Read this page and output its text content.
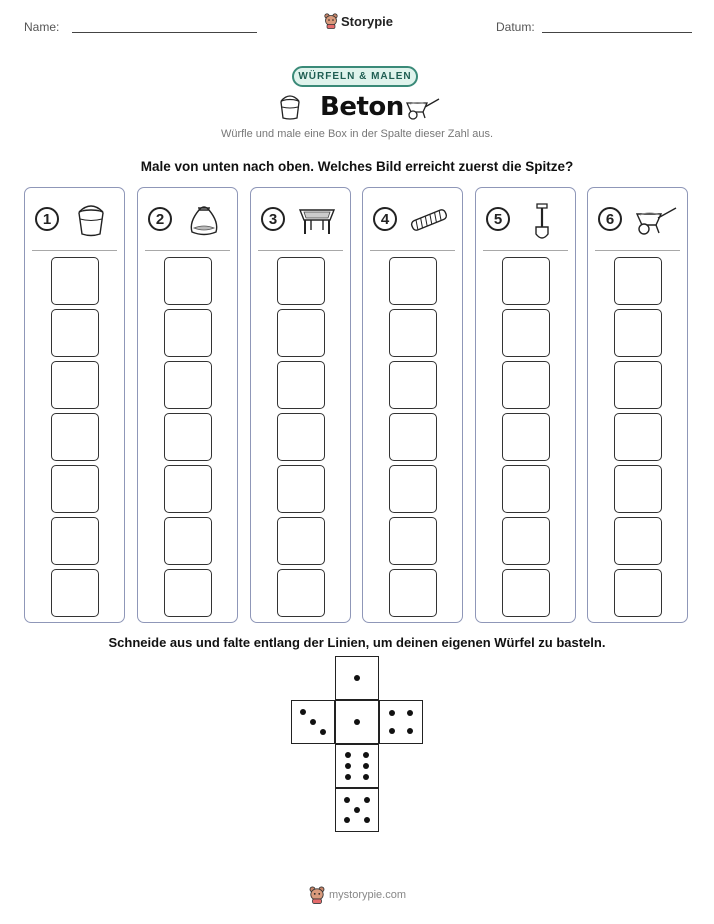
Name:	Storypie	Datum:
WÜRFELN & MALEN
Beton
Würfle und male eine Box in der Spalte dieser Zahl aus.
Male von unten nach oben. Welches Bild erreicht zuerst die Spitze?
1	2	3	4	5	6
Schneide aus und falte entlang der Linien, um deinen eigenen Würfel zu basteln.
mystorypie.com
